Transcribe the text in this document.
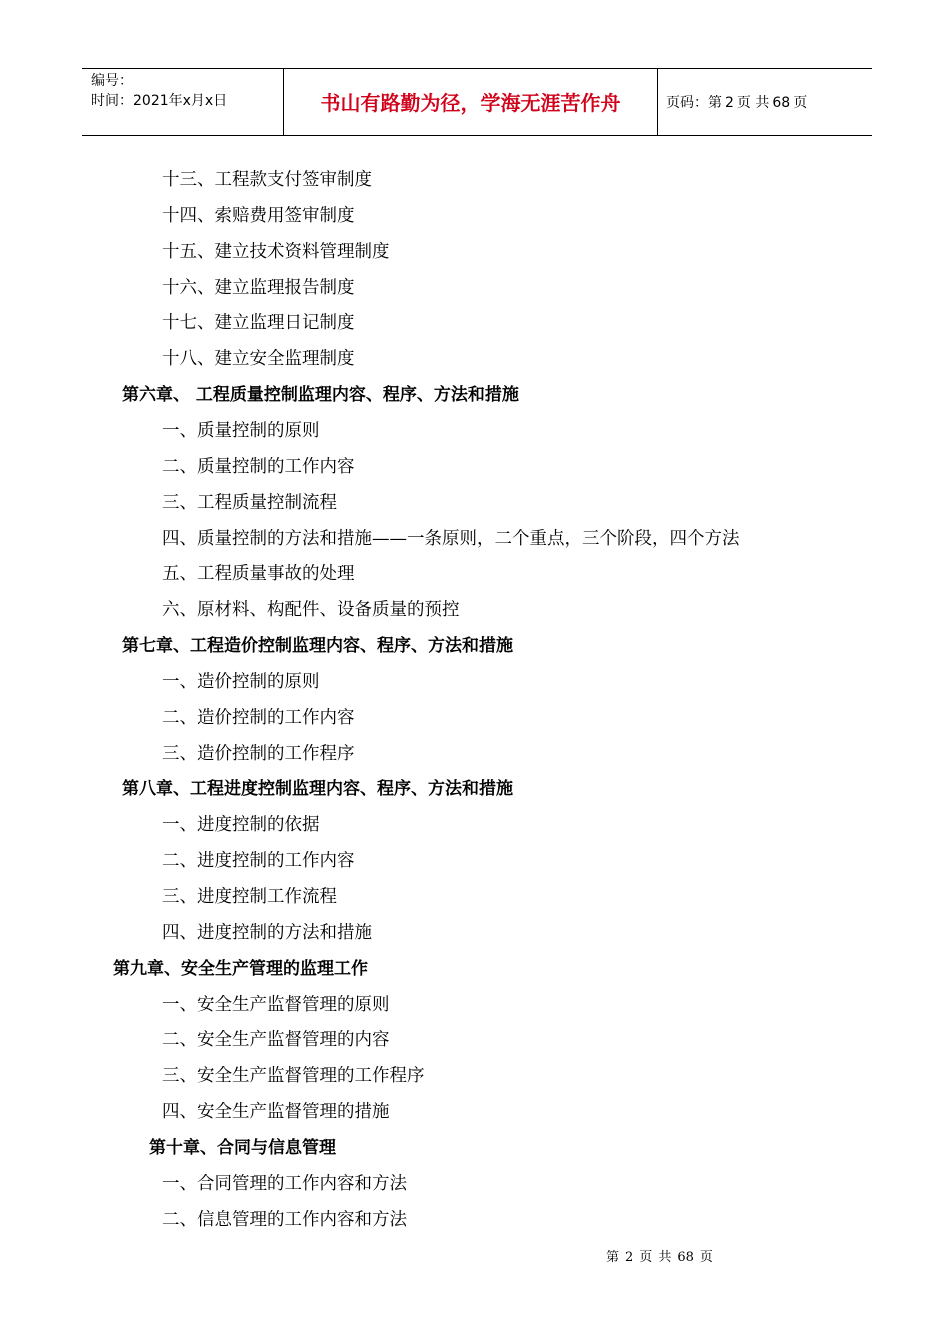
编号：
时间：2021年x月x日	书山有路勤为径，学海无涯苦作舟	页码：第 2 页 共 68 页
十三、工程款支付签审制度
十四、索赔费用签审制度
十五、建立技术资料管理制度
十六、建立监理报告制度
十七、建立监理日记制度
十八、建立安全监理制度
第六章、 工程质量控制监理内容、程序、方法和措施
一、质量控制的原则
二、质量控制的工作内容
三、工程质量控制流程
四、质量控制的方法和措施——一条原则，二个重点，三个阶段，四个方法
五、工程质量事故的处理
六、原材料、构配件、设备质量的预控
第七章、工程造价控制监理内容、程序、方法和措施
一、造价控制的原则
二、造价控制的工作内容
三、造价控制的工作程序
第八章、工程进度控制监理内容、程序、方法和措施
一、进度控制的依据
二、进度控制的工作内容
三、进度控制工作流程
四、进度控制的方法和措施
第九章、安全生产管理的监理工作
一、安全生产监督管理的原则
二、安全生产监督管理的内容
三、安全生产监督管理的工作程序
四、安全生产监督管理的措施
第十章、合同与信息管理
一、合同管理的工作内容和方法
二、信息管理的工作内容和方法
第 2 页 共 68 页
